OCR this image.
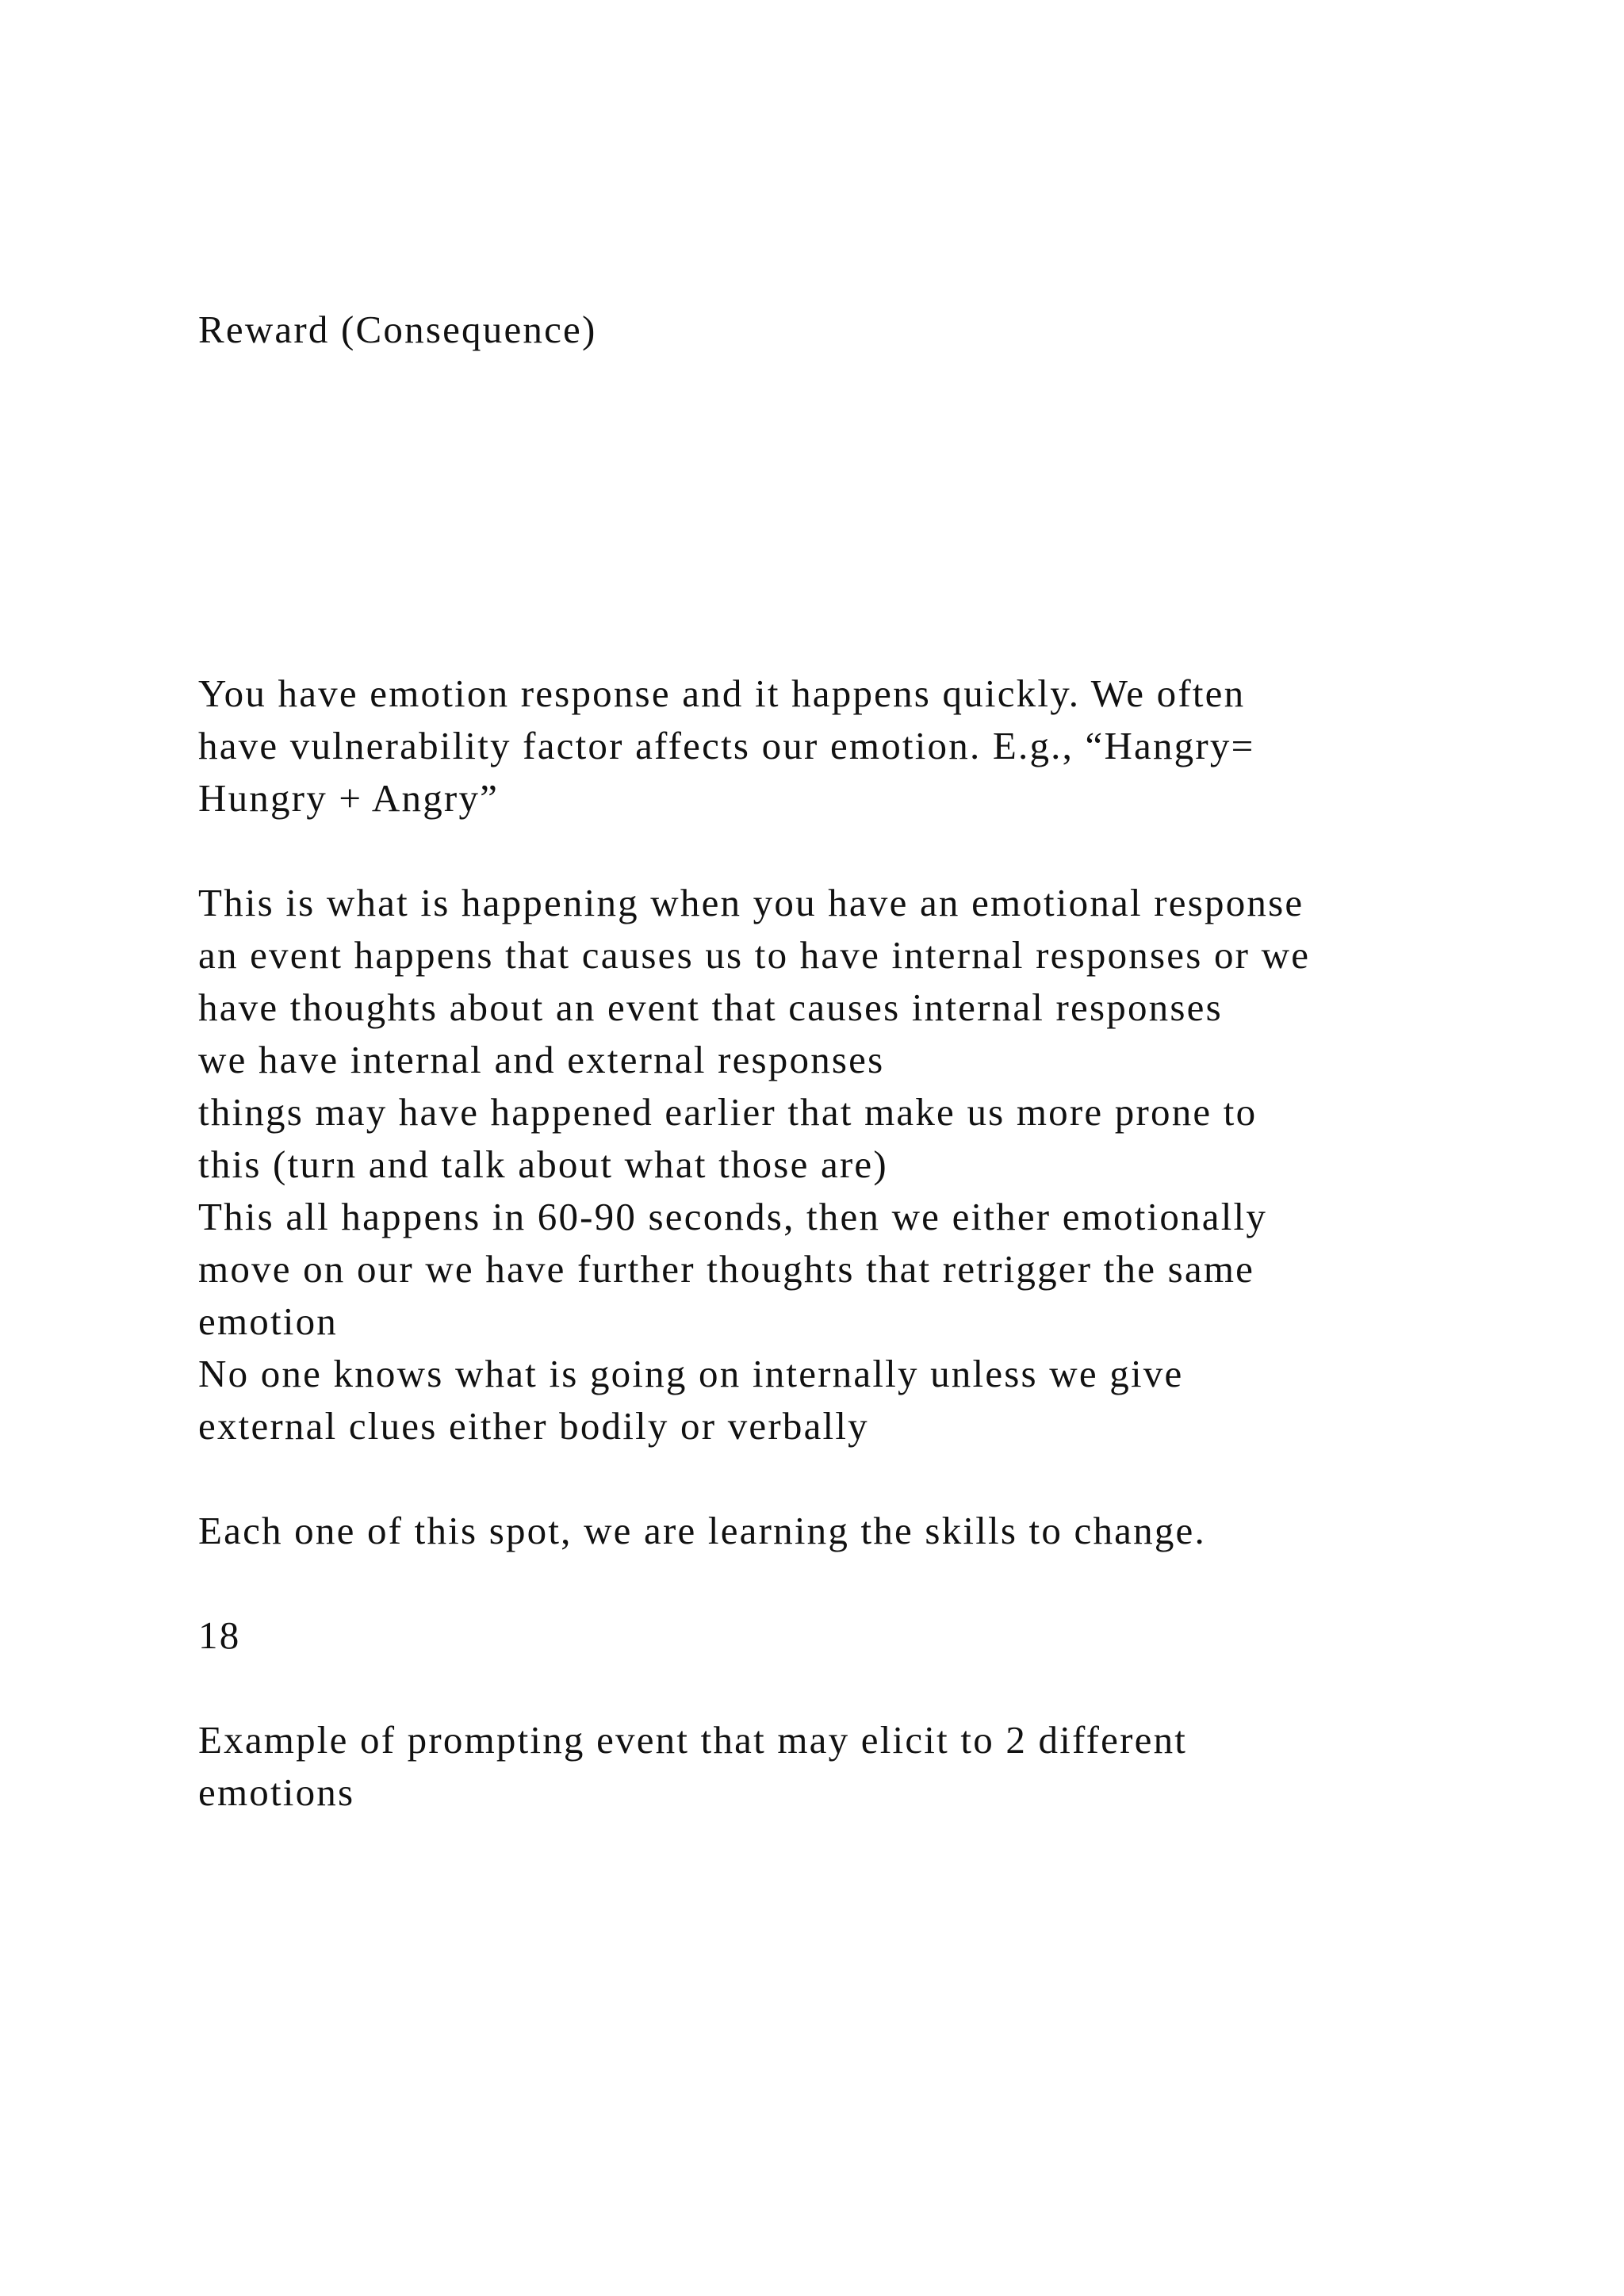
Reward (Consequence)
You have emotion response and it happens quickly. We often
have vulnerability factor affects our emotion. E.g., “Hangry=
Hungry + Angry”
This is what is happening when you have an emotional response
an event happens that causes us to have internal responses or we
have thoughts about an event that causes internal responses
we have internal and external responses
things may have happened earlier that make us more prone to
this (turn and talk about what those are)
This all happens in 60-90 seconds, then we either emotionally
move on our we have further thoughts that retrigger the same
emotion
No one knows what is going on internally unless we give
external clues either bodily or verbally
Each one of this spot, we are learning the skills to change.
18
Example of prompting event that may elicit to 2 different
emotions
